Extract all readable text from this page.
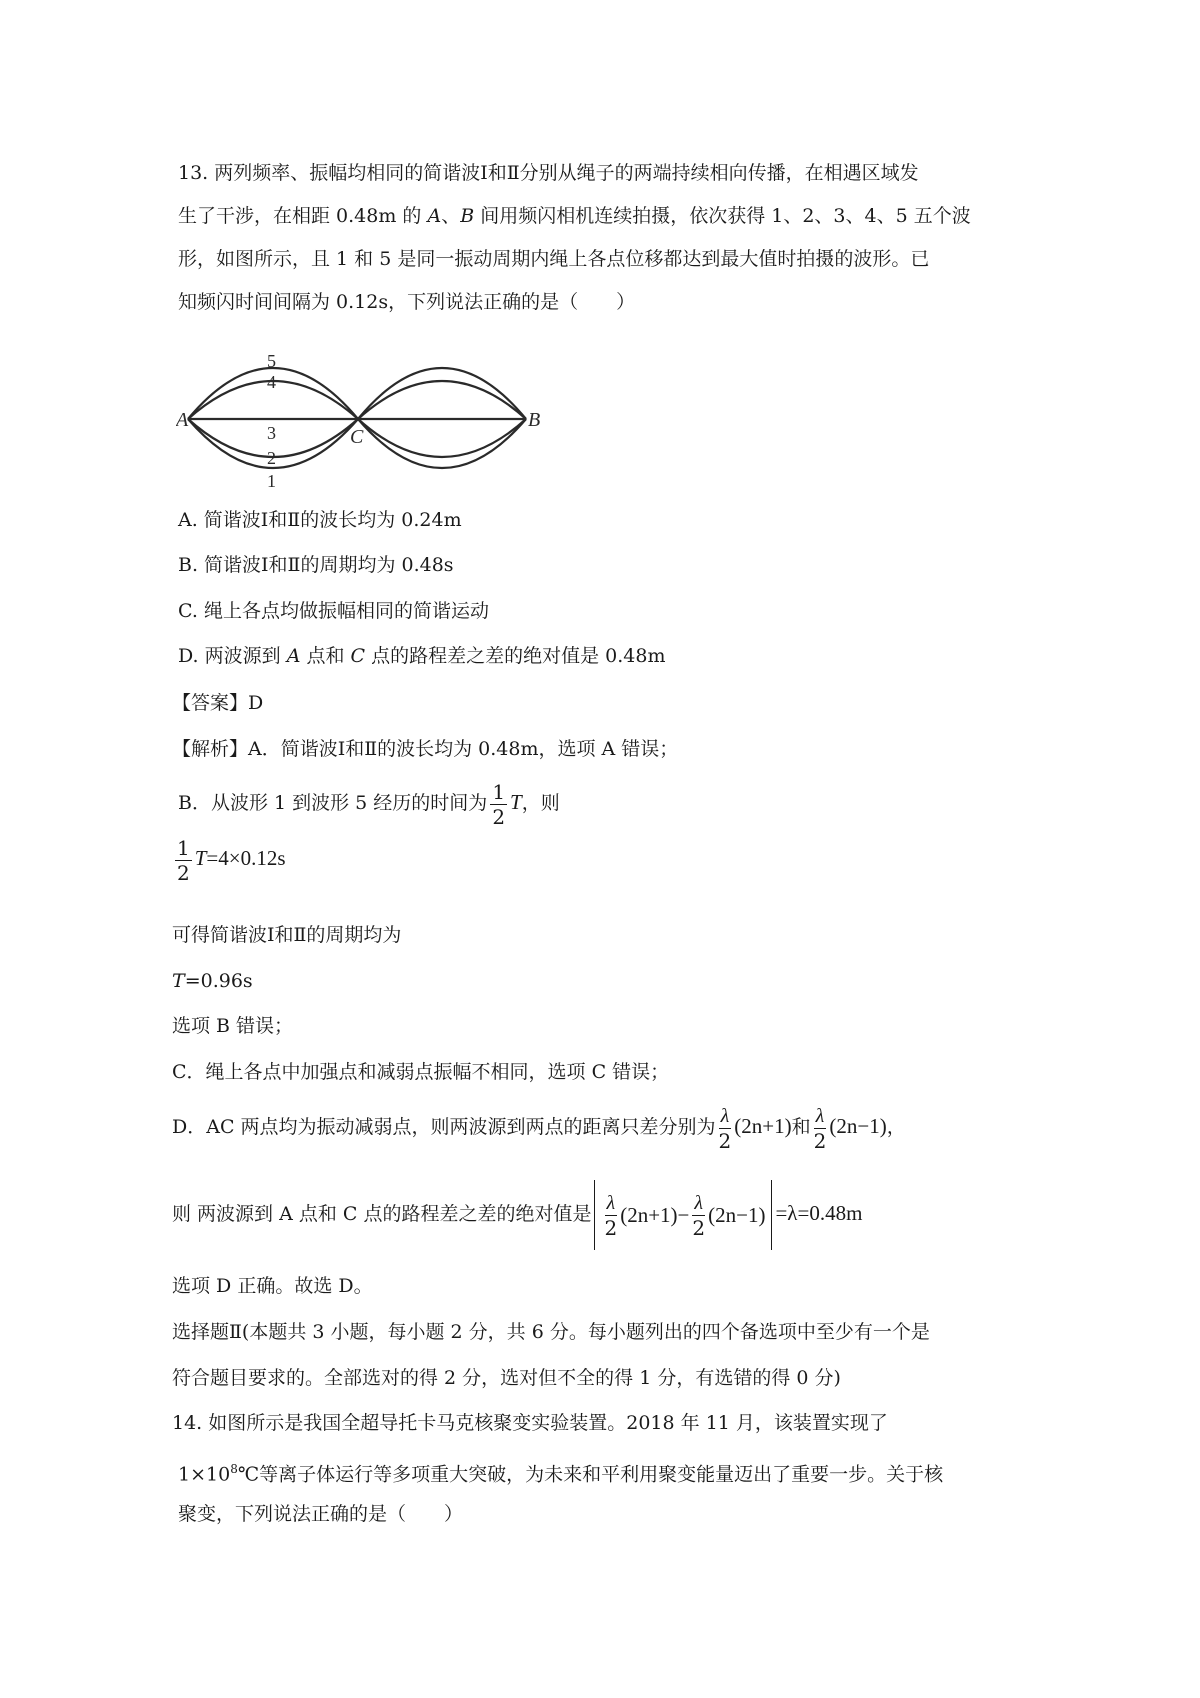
13. 两列频率、振幅均相同的简谐波Ⅰ和Ⅱ分别从绳子的两端持续相向传播，在相遇区域发
生了干涉，在相距 0.48m 的 A、B 间用频闪相机连续拍摄，依次获得 1、2、3、4、5 五个波
形，如图所示，且 1 和 5 是同一振动周期内绳上各点位移都达到最大值时拍摄的波形。已
知频闪时间间隔为 0.12s，下列说法正确的是（　　）
A
C
B
5
4
3
2
1
A. 简谐波Ⅰ和Ⅱ的波长均为 0.24m
B. 简谐波Ⅰ和Ⅱ的周期均为 0.48s
C. 绳上各点均做振幅相同的简谐运动
D. 两波源到 A 点和 C 点的路程差之差的绝对值是 0.48m
【答案】D
【解析】A．简谐波Ⅰ和Ⅱ的波长均为 0.48m，选项 A 错误；
B．从波形 1 到波形 5 经历的时间为 $\frac{1}{2}$ T，则
$\frac{1}{2} T=4\times 0.12s$
可得简谐波Ⅰ和Ⅱ的周期均为
T=0.96s
选项 B 错误；
C．绳上各点中加强点和减弱点振幅不相同，选项 C 错误；
D．AC 两点均为振动减弱点，则两波源到两点的距离只差分别为 $\frac{\lambda}{2} (2n+1)$和 $\frac{\lambda}{2} (2n-1)$，
则 两波源到 A 点和 C 点的路程差之差的绝对值是 $\frac{\lambda}{2} (2n+1) - \frac{\lambda}{2} (2n-1) =\lambda=0.48m$
选项 D 正确。故选 D。
选择题Ⅱ(本题共 3 小题，每小题 2 分，共 6 分。每小题列出的四个备选项中至少有一个是
符合题目要求的。全部选对的得 2 分，选对但不全的得 1 分，有选错的得 0 分)
14. 如图所示是我国全超导托卡马克核聚变实验装置。2018 年 11 月，该装置实现了
$1\times 10^8℃$等离子体运行等多项重大突破，为未来和平利用聚变能量迈出了重要一步。关于核
聚变，下列说法正确的是（　　）
